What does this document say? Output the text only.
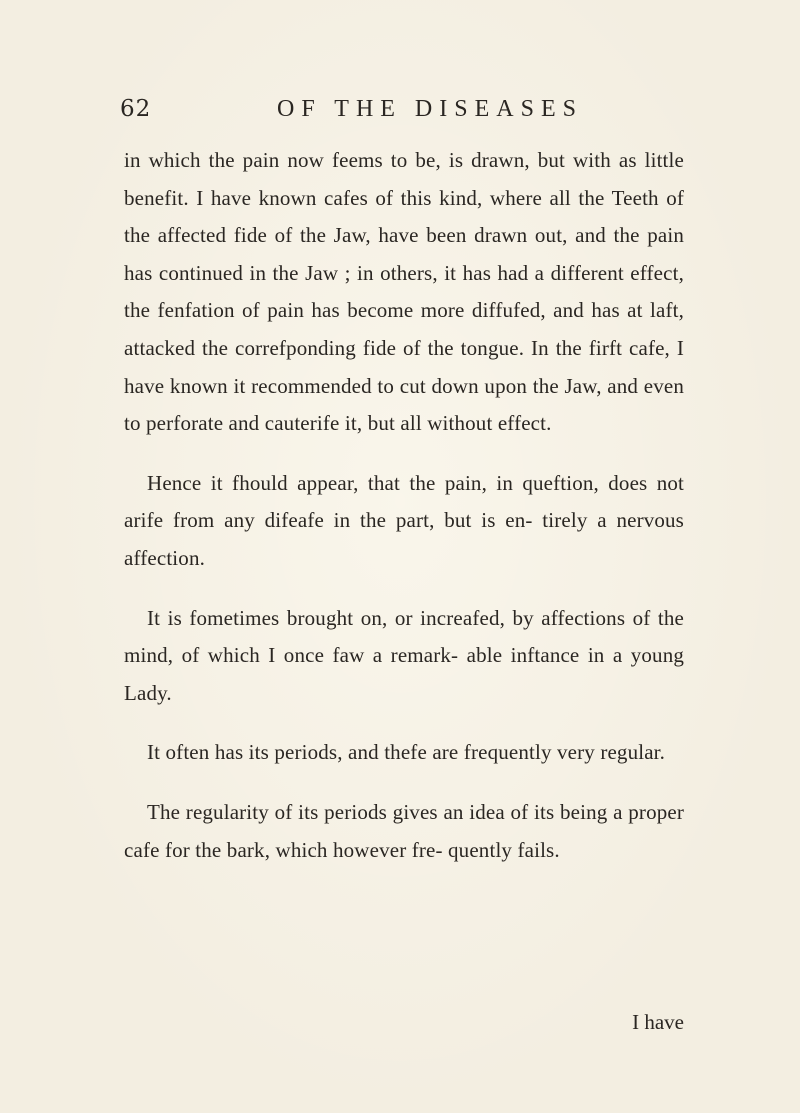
62	OF THE DISEASES

in which the pain now feems to be, is drawn, but with as little benefit. I have known cafes of this kind, where all the Teeth of the affected fide of the Jaw, have been drawn out, and the pain has continued in the Jaw ; in others, it has had a different effect, the fenfation of pain has become more diffufed, and has at laft, attacked the correfponding fide of the tongue. In the firft cafe, I have known it recommended to cut down upon the Jaw, and even to perforate and cauterife it, but all without effect.

Hence it fhould appear, that the pain, in queftion, does not arife from any difeafe in the part, but is en- tirely a nervous affection.

It is fometimes brought on, or increafed, by affections of the mind, of which I once faw a remark- able inftance in a young Lady.

It often has its periods, and thefe are frequently very regular.

The regularity of its periods gives an idea of its being a proper cafe for the bark, which however fre- quently fails.

I have
